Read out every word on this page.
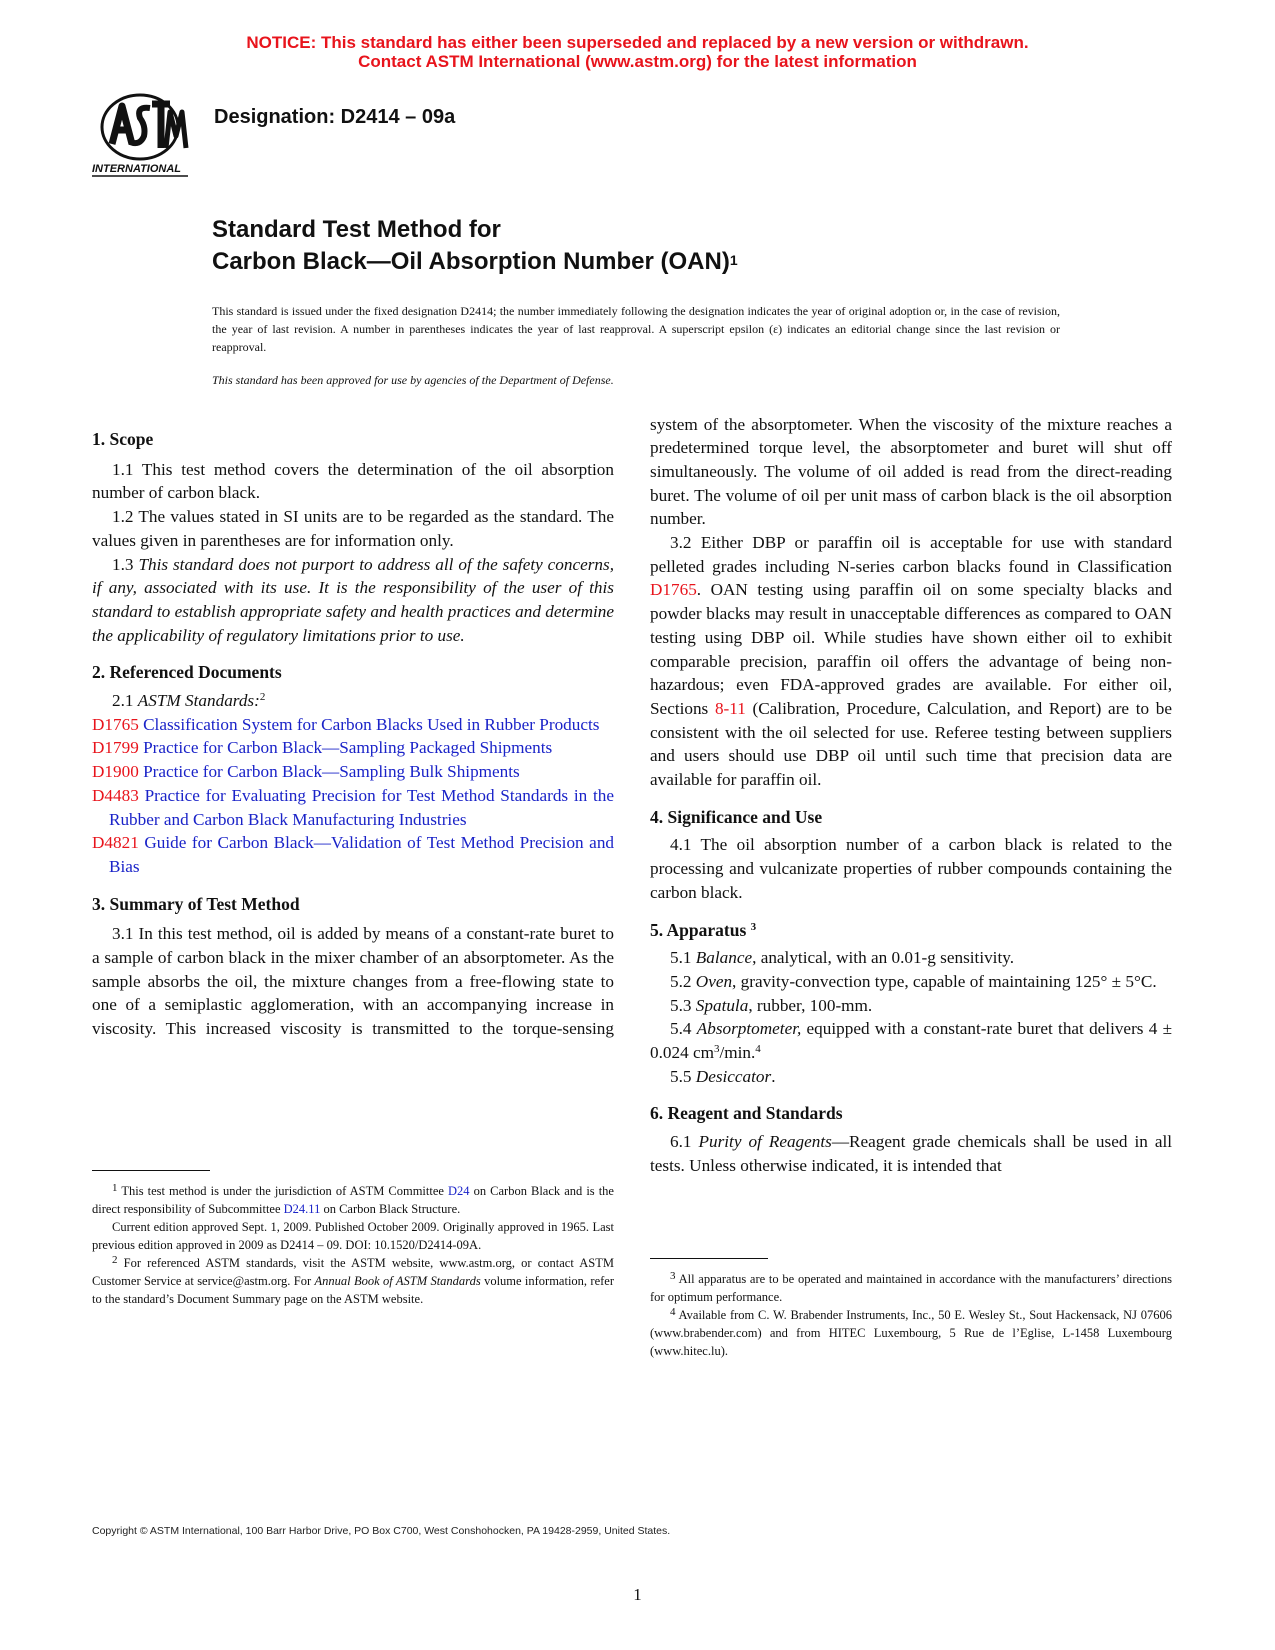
NOTICE: This standard has either been superseded and replaced by a new version or withdrawn.
Contact ASTM International (www.astm.org) for the latest information
INTERNATIONAL
Designation: D2414 – 09a
Standard Test Method for
Carbon Black—Oil Absorption Number (OAN)$^1$
This standard is issued under the fixed designation D2414; the number immediately following the designation indicates the year of original adoption or, in the case of revision, the year of last revision. A number in parentheses indicates the year of last reapproval. A superscript epsilon (ε) indicates an editorial change since the last revision or reapproval.
This standard has been approved for use by agencies of the Department of Defense.
1. Scope

1.1 This test method covers the determination of the oil absorption number of carbon black.

1.2 The values stated in SI units are to be regarded as the standard. The values given in parentheses are for information only.

1.3 This standard does not purport to address all of the safety concerns, if any, associated with its use. It is the responsibility of the user of this standard to establish appropriate safety and health practices and determine the applicability of regulatory limitations prior to use.

2. Referenced Documents

2.1 ASTM Standards:$^2$

D1765 Classification System for Carbon Blacks Used in Rubber Products

D1799 Practice for Carbon Black—Sampling Packaged Shipments

D1900 Practice for Carbon Black—Sampling Bulk Shipments

D4483 Practice for Evaluating Precision for Test Method Standards in the Rubber and Carbon Black Manufacturing Industries

D4821 Guide for Carbon Black—Validation of Test Method Precision and Bias

3. Summary of Test Method

3.1 In this test method, oil is added by means of a constant-rate buret to a sample of carbon black in the mixer chamber of an absorptometer. As the sample absorbs the oil, the mixture changes from a free-flowing state to one of a semiplastic agglomeration, with an accompanying increase in viscosity. This increased viscosity is transmitted to the torque-sensing

system of the absorptometer. When the viscosity of the mixture reaches a predetermined torque level, the absorptometer and buret will shut off simultaneously. The volume of oil added is read from the direct-reading buret. The volume of oil per unit mass of carbon black is the oil absorption number.

3.2 Either DBP or paraffin oil is acceptable for use with standard pelleted grades including N-series carbon blacks found in Classification D1765. OAN testing using paraffin oil on some specialty blacks and powder blacks may result in unacceptable differences as compared to OAN testing using DBP oil. While studies have shown either oil to exhibit comparable precision, paraffin oil offers the advantage of being non-hazardous; even FDA-approved grades are available. For either oil, Sections 8-11 (Calibration, Procedure, Calculation, and Report) are to be consistent with the oil selected for use. Referee testing between suppliers and users should use DBP oil until such time that precision data are available for paraffin oil.

4. Significance and Use

4.1 The oil absorption number of a carbon black is related to the processing and vulcanizate properties of rubber compounds containing the carbon black.

5. Apparatus $^3$

5.1 Balance, analytical, with an 0.01-g sensitivity.

5.2 Oven, gravity-convection type, capable of maintaining 125° ± 5°C.

5.3 Spatula, rubber, 100-mm.

5.4 Absorptometer, equipped with a constant-rate buret that delivers 4 ± 0.024 $cm^3/\min.^4$

5.5 Desiccator.

6. Reagent and Standards

6.1 Purity of Reagents—Reagent grade chemicals shall be used in all tests. Unless otherwise indicated, it is intended that

$^1$ This test method is under the jurisdiction of ASTM Committee D24 on Carbon Black and is the direct responsibility of Subcommittee D24.11 on Carbon Black Structure.

Current edition approved Sept. 1, 2009. Published October 2009. Originally approved in 1965. Last previous edition approved in 2009 as D2414 – 09. DOI: 10.1520/D2414-09A.

$^2$ For referenced ASTM standards, visit the ASTM website, www.astm.org, or contact ASTM Customer Service at service@astm.org. For Annual Book of ASTM Standards volume information, refer to the standard’s Document Summary page on the ASTM website.

$^3$ All apparatus are to be operated and maintained in accordance with the manufacturers’ directions for optimum performance.

$^4$ Available from C. W. Brabender Instruments, Inc., 50 E. Wesley St., Sout Hackensack, NJ 07606 (www.brabender.com) and from HITEC Luxembourg, 5 Rue de l’Eglise, L-1458 Luxembourg (www.hitec.lu).

Copyright © ASTM International, 100 Barr Harbor Drive, PO Box C700, West Conshohocken, PA 19428-2959, United States.
1
